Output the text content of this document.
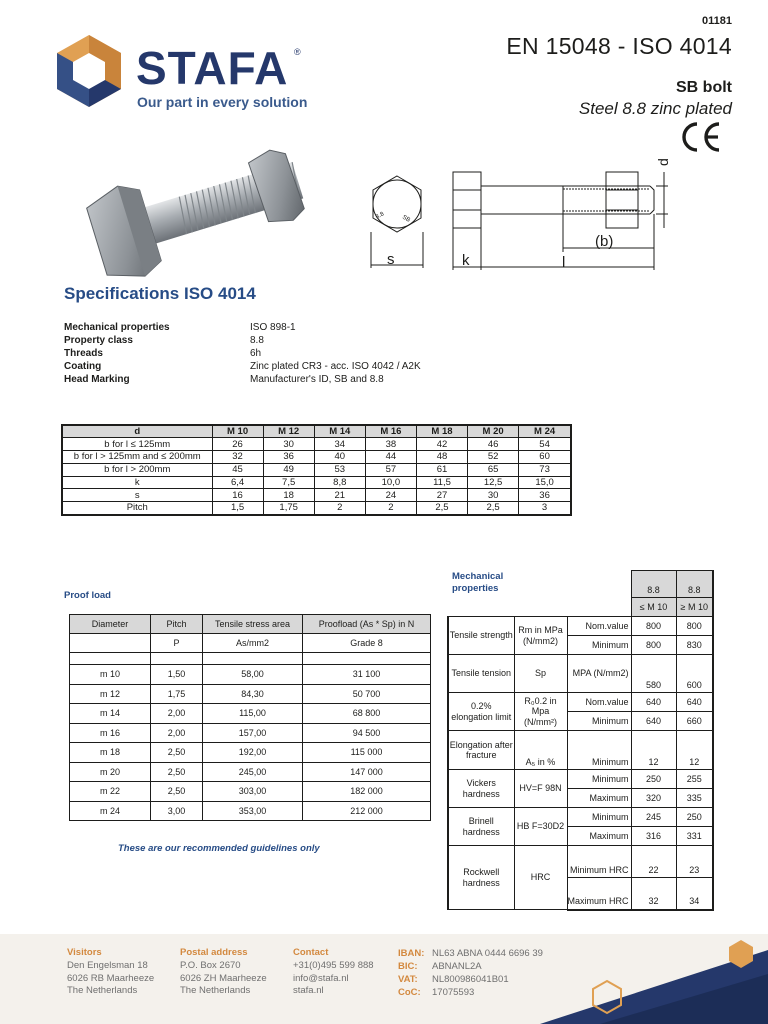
STAFA ®
Our part in every solution
01181
EN 15048 - ISO 4014
SB bolt
Steel 8.8 zinc plated
s	k	l
(b)
d
8.8	SB
Specifications ISO 4014
Mechanical properties	ISO 898-1
Property class	8.8
Threads	6h
Coating	Zinc plated CR3 - acc. ISO 4042 / A2K
Head Marking	Manufacturer's ID, SB and 8.8
d	M 10	M 12	M 14	M 16	M 18	M 20	M 24
b for l ≤ 125mm	26	30	34	38	42	46	54
b for l > 125mm and ≤ 200mm	32	36	40	44	48	52	60
b for l > 200mm	45	49	53	57	61	65	73
k	6,4	7,5	8,8	10,0	11,5	12,5	15,0
s	16	18	21	24	27	30	36
Pitch	1,5	1,75	2	2	2,5	2,5	3
Proof load
Diameter	Pitch	Tensile stress area	Proofload (As * Sp) in N
	P	As/mm2	Grade 8

m 10	1,50	58,00	31 100
m 12	1,75	84,30	50 700
m 14	2,00	115,00	68 800
m 16	2,00	157,00	94 500
m 18	2,50	192,00	115 000
m 20	2,50	245,00	147 000
m 22	2,50	303,00	182 000
m 24	3,00	353,00	212 000
These are our recommended guidelines only
Mechanical
properties
			8.8	8.8
			≤ M 10	≥ M 10
Tensile strength	Rm in MPa (N/mm2)	Nom.value	800	800
		Minimum	800	830
Tensile tension	Sp	MPA (N/mm2)	580	600
0.2% elongation limit	R₀0.2 in Mpa (N/mm²)	Nom.value	640	640
		Minimum	640	660
Elongation after fracture	A₅ in %	Minimum	12	12
Vickers hardness	HV=F 98N	Minimum	250	255
		Maximum	320	335
Brinell hardness	HB F=30D2	Minimum	245	250
		Maximum	316	331
Rockwell hardness	HRC	Minimum HRC	22	23
		Maximum HRC	32	34
Visitors
Den Engelsman 18
6026 RB Maarheeze
The Netherlands
Postal address
P.O. Box 2670
6026 ZH Maarheeze
The Netherlands
Contact
+31(0)495 599 888
info@stafa.nl
stafa.nl
IBAN: NL63 ABNA 0444 6696 39
BIC:	ABNANL2A
VAT:	NL800986041B01
CoC:	17075593
